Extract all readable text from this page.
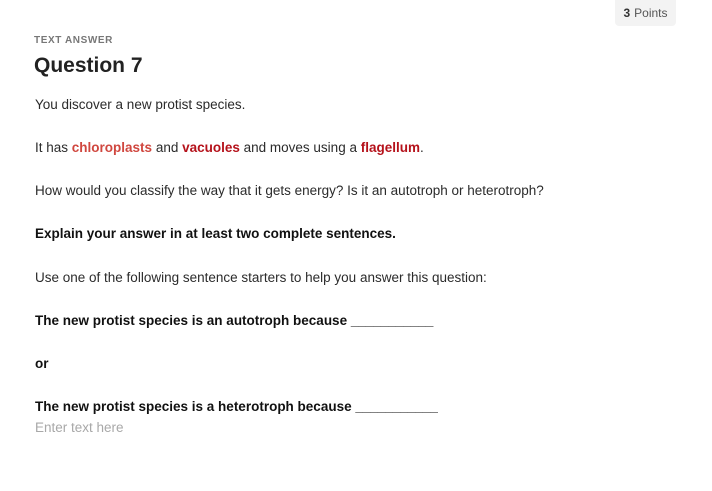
3 Points
TEXT ANSWER
Question 7
You discover a new protist species.
It has chloroplasts and vacuoles and moves using a flagellum.
How would you classify the way that it gets energy? Is it an autotroph or heterotroph?
Explain your answer in at least two complete sentences.
Use one of the following sentence starters to help you answer this question:
The new protist species is an autotroph because ___________
or
The new protist species is a heterotroph because ___________
Enter text here
